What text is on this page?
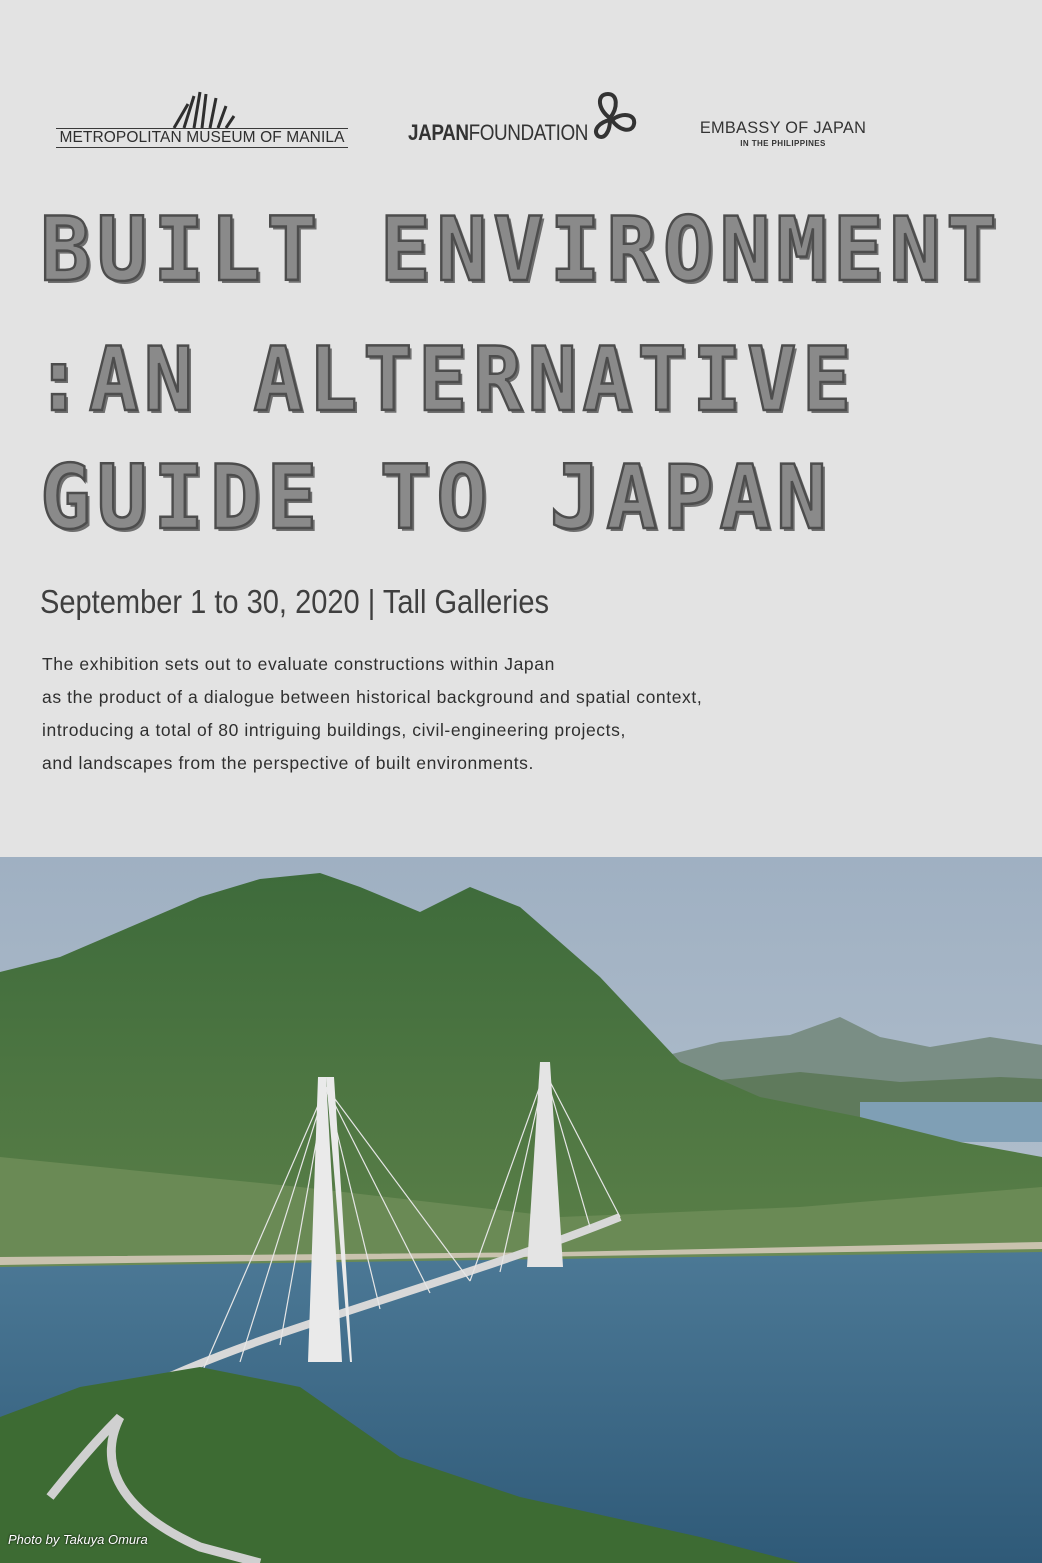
METROPOLITAN MUSEUM OF MANILA	JAPANFOUNDATION	EMBASSY OF JAPAN
IN THE PHILIPPINES
BUILT ENVIRONMENT
:AN ALTERNATIVE
GUIDE TO JAPAN
September 1 to 30, 2020 | Tall Galleries
The exhibition sets out to evaluate constructions within Japan
as the product of a dialogue between historical background and spatial context,
introducing a total of 80 intriguing buildings, civil-engineering projects,
and landscapes from the perspective of built environments.
Photo by Takuya Omura
